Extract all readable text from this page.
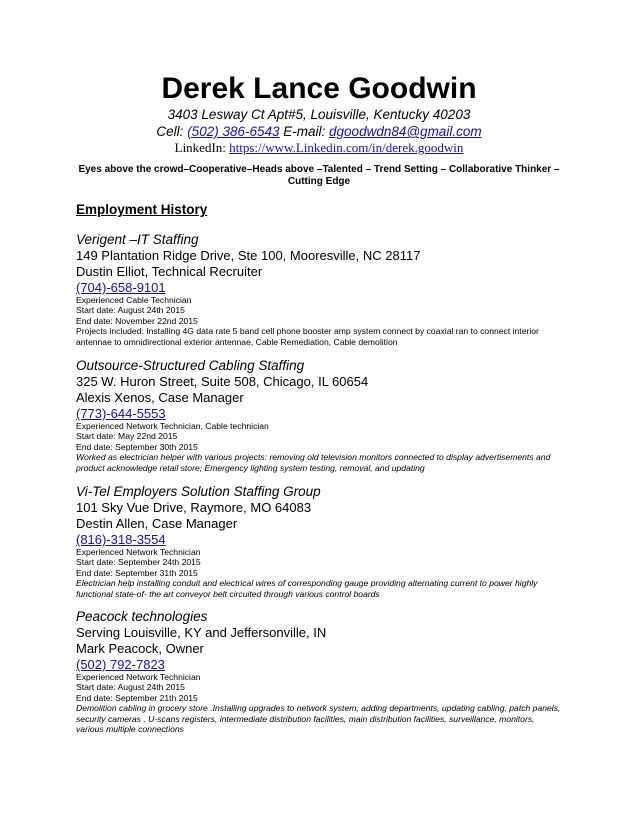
Derek Lance Goodwin
3403 Lesway Ct Apt#5, Louisville, Kentucky 40203
Cell: (502) 386-6543 E-mail: dgoodwdn84@gmail.com
LinkedIn: https://www.Linkedin.com/in/derek.goodwin
Eyes above the crowd–Cooperative–Heads above –Talented – Trend Setting – Collaborative Thinker – Cutting Edge
Employment History

Verigent –IT Staffing

149 Plantation Ridge Drive, Ste 100, Mooresville, NC 28117

Dustin Elliot, Technical Recruiter

(704)-658-9101

Experienced Cable Technician

Start date: August 24th 2015

End date: November 22nd 2015

Projects included: Installing 4G data rate 5 band cell phone booster amp system connect by coaxial ran to connect interior antennae to omnidirectional exterior antennae, Cable Remediation, Cable demolition

Outsource-Structured Cabling Staffing

325 W. Huron Street, Suite 508, Chicago, IL 60654

Alexis Xenos, Case Manager

(773)-644-5553

Experienced Network Technician, Cable technician

Start date: May 22nd 2015

End date: September 30th 2015

Worked as electrician helper with various projects: removing old television monitors connected to display advertisements and product acknowledge retail store; Emergency lighting system testing, removal, and updating

Vi-Tel Employers Solution Staffing Group

101 Sky Vue Drive, Raymore, MO 64083

Destin Allen, Case Manager

(816)-318-3554

Experienced Network Technician

Start date: September 24th 2015

End date: September 31th 2015

Electrician help installing conduit and electrical wires of corresponding gauge providing alternating current to power highly functional state-of- the art conveyor belt circuited through various control boards

Peacock technologies

Serving Louisville, KY and Jeffersonville, IN

Mark Peacock, Owner

(502) 792-7823

Experienced Network Technician

Start date: August 24th 2015

End date: September 21th 2015

Demolition cabling in grocery store .Installing upgrades to network system, adding departments, updating cabling, patch panels, security cameras , U-scans registers, intermediate distribution facilities, main distribution facilities, surveillance, monitors, various multiple connections
